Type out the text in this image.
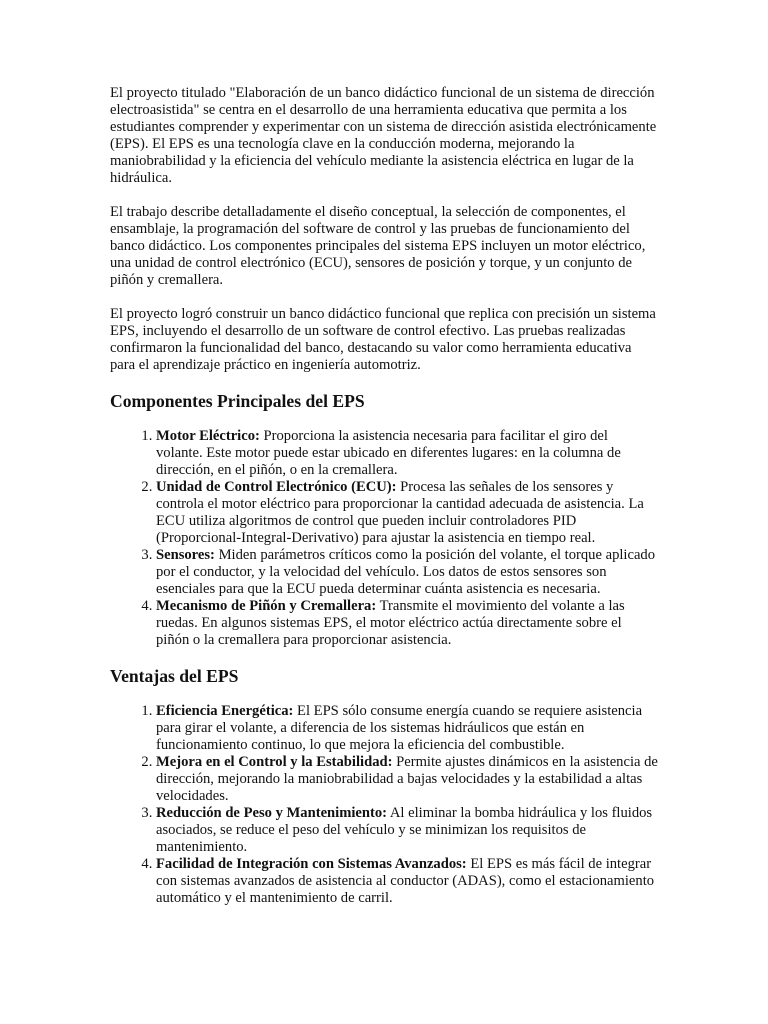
El proyecto titulado "Elaboración de un banco didáctico funcional de un sistema de dirección electroasistida" se centra en el desarrollo de una herramienta educativa que permita a los estudiantes comprender y experimentar con un sistema de dirección asistida electrónicamente (EPS). El EPS es una tecnología clave en la conducción moderna, mejorando la maniobrabilidad y la eficiencia del vehículo mediante la asistencia eléctrica en lugar de la hidráulica.

El trabajo describe detalladamente el diseño conceptual, la selección de componentes, el ensamblaje, la programación del software de control y las pruebas de funcionamiento del banco didáctico. Los componentes principales del sistema EPS incluyen un motor eléctrico, una unidad de control electrónico (ECU), sensores de posición y torque, y un conjunto de piñón y cremallera.

El proyecto logró construir un banco didáctico funcional que replica con precisión un sistema EPS, incluyendo el desarrollo de un software de control efectivo. Las pruebas realizadas confirmaron la funcionalidad del banco, destacando su valor como herramienta educativa para el aprendizaje práctico en ingeniería automotriz.

Componentes Principales del EPS
1. Motor Eléctrico: Proporciona la asistencia necesaria para facilitar el giro del volante. Este motor puede estar ubicado en diferentes lugares: en la columna de dirección, en el piñón, o en la cremallera.
2. Unidad de Control Electrónico (ECU): Procesa las señales de los sensores y controla el motor eléctrico para proporcionar la cantidad adecuada de asistencia. La ECU utiliza algoritmos de control que pueden incluir controladores PID (Proporcional-Integral-Derivativo) para ajustar la asistencia en tiempo real.
3. Sensores: Miden parámetros críticos como la posición del volante, el torque aplicado por el conductor, y la velocidad del vehículo. Los datos de estos sensores son esenciales para que la ECU pueda determinar cuánta asistencia es necesaria.
4. Mecanismo de Piñón y Cremallera: Transmite el movimiento del volante a las ruedas. En algunos sistemas EPS, el motor eléctrico actúa directamente sobre el piñón o la cremallera para proporcionar asistencia.
Ventajas del EPS
1. Eficiencia Energética: El EPS sólo consume energía cuando se requiere asistencia para girar el volante, a diferencia de los sistemas hidráulicos que están en funcionamiento continuo, lo que mejora la eficiencia del combustible.
2. Mejora en el Control y la Estabilidad: Permite ajustes dinámicos en la asistencia de dirección, mejorando la maniobrabilidad a bajas velocidades y la estabilidad a altas velocidades.
3. Reducción de Peso y Mantenimiento: Al eliminar la bomba hidráulica y los fluidos asociados, se reduce el peso del vehículo y se minimizan los requisitos de mantenimiento.
4. Facilidad de Integración con Sistemas Avanzados: El EPS es más fácil de integrar con sistemas avanzados de asistencia al conductor (ADAS), como el estacionamiento automático y el mantenimiento de carril.
